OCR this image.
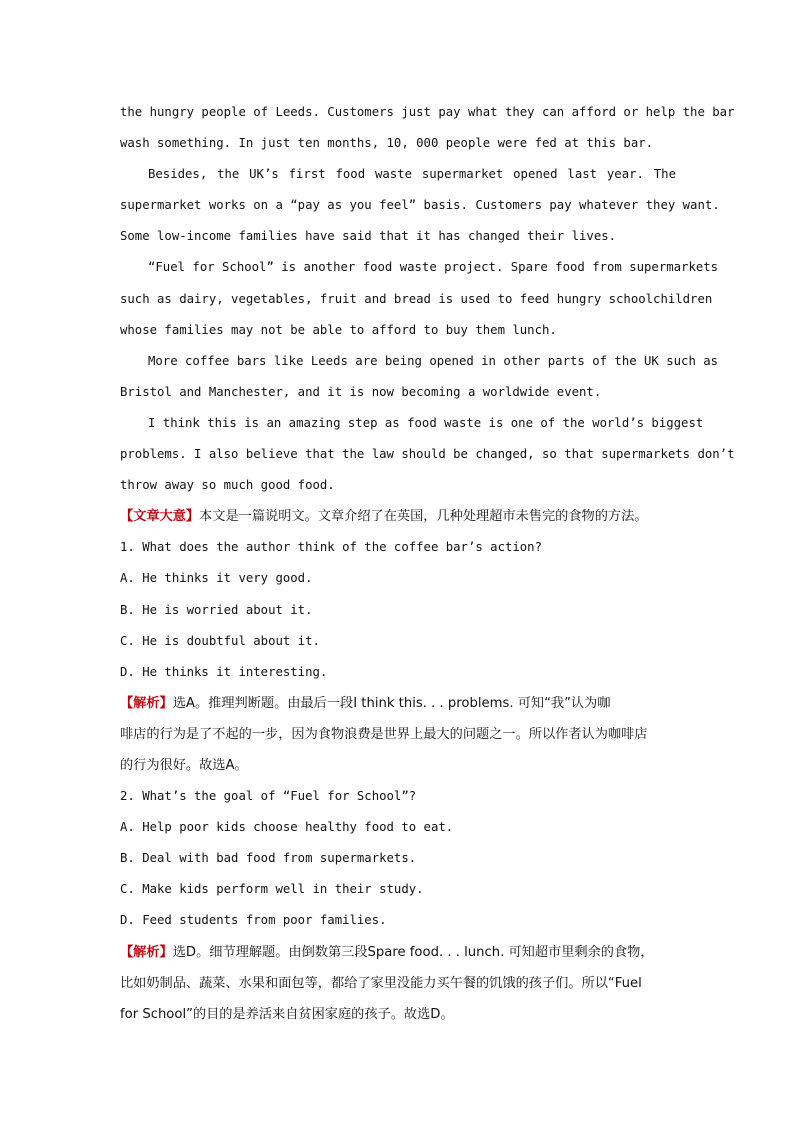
the hungry people of Leeds. Customers just pay what they can afford or help the bar
wash something. In just ten months, 10, 000 people were fed at this bar.
Besides, the UK’s first food waste supermarket opened last year. The
supermarket works on a “pay as you feel” basis. Customers pay whatever they want.
Some low-income families have said that it has changed their lives.
“Fuel for School” is another food waste project. Spare food from supermarkets
such as dairy, vegetables, fruit and bread is used to feed hungry schoolchildren
whose families may not be able to afford to buy them lunch.
More coffee bars like Leeds are being opened in other parts of the UK such as
Bristol and Manchester, and it is now becoming a worldwide event.
I think this is an amazing step as food waste is one of the world’s biggest
problems. I also believe that the law should be changed, so that supermarkets don’t
throw away so much good food.
【文章大意】本文是一篇说明文。文章介绍了在英国，几种处理超市未售完的食物的方法。
1. What does the author think of the coffee bar’s action?
A. He thinks it very good.
B. He is worried about it.
C. He is doubtful about it.
D. He thinks it interesting.
【解析】选A。推理判断题。由最后一段I think this. . . problems. 可知“我”认为咖
啡店的行为是了不起的一步，因为食物浪费是世界上最大的问题之一。所以作者认为咖啡店
的行为很好。故选A。
2. What’s the goal of “Fuel for School”?
A. Help poor kids choose healthy food to eat.
B. Deal with bad food from supermarkets.
C. Make kids perform well in their study.
D. Feed students from poor families.
【解析】选D。细节理解题。由倒数第三段Spare food. . . lunch. 可知超市里剩余的食物，
比如奶制品、蔬菜、水果和面包等，都给了家里没能力买午餐的饥饿的孩子们。所以“Fuel
for School”的目的是养活来自贫困家庭的孩子。故选D。
